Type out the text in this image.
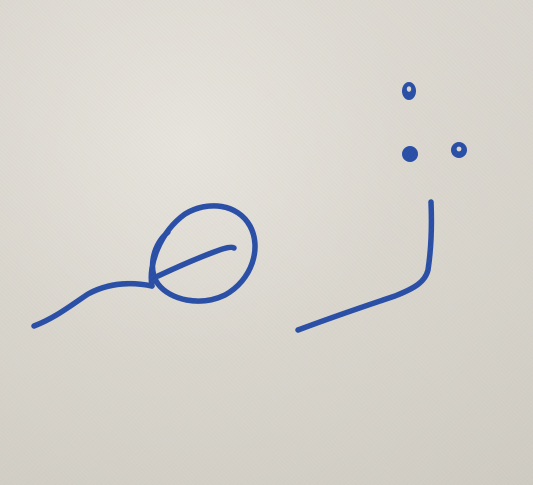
ـهـر	ثـر
